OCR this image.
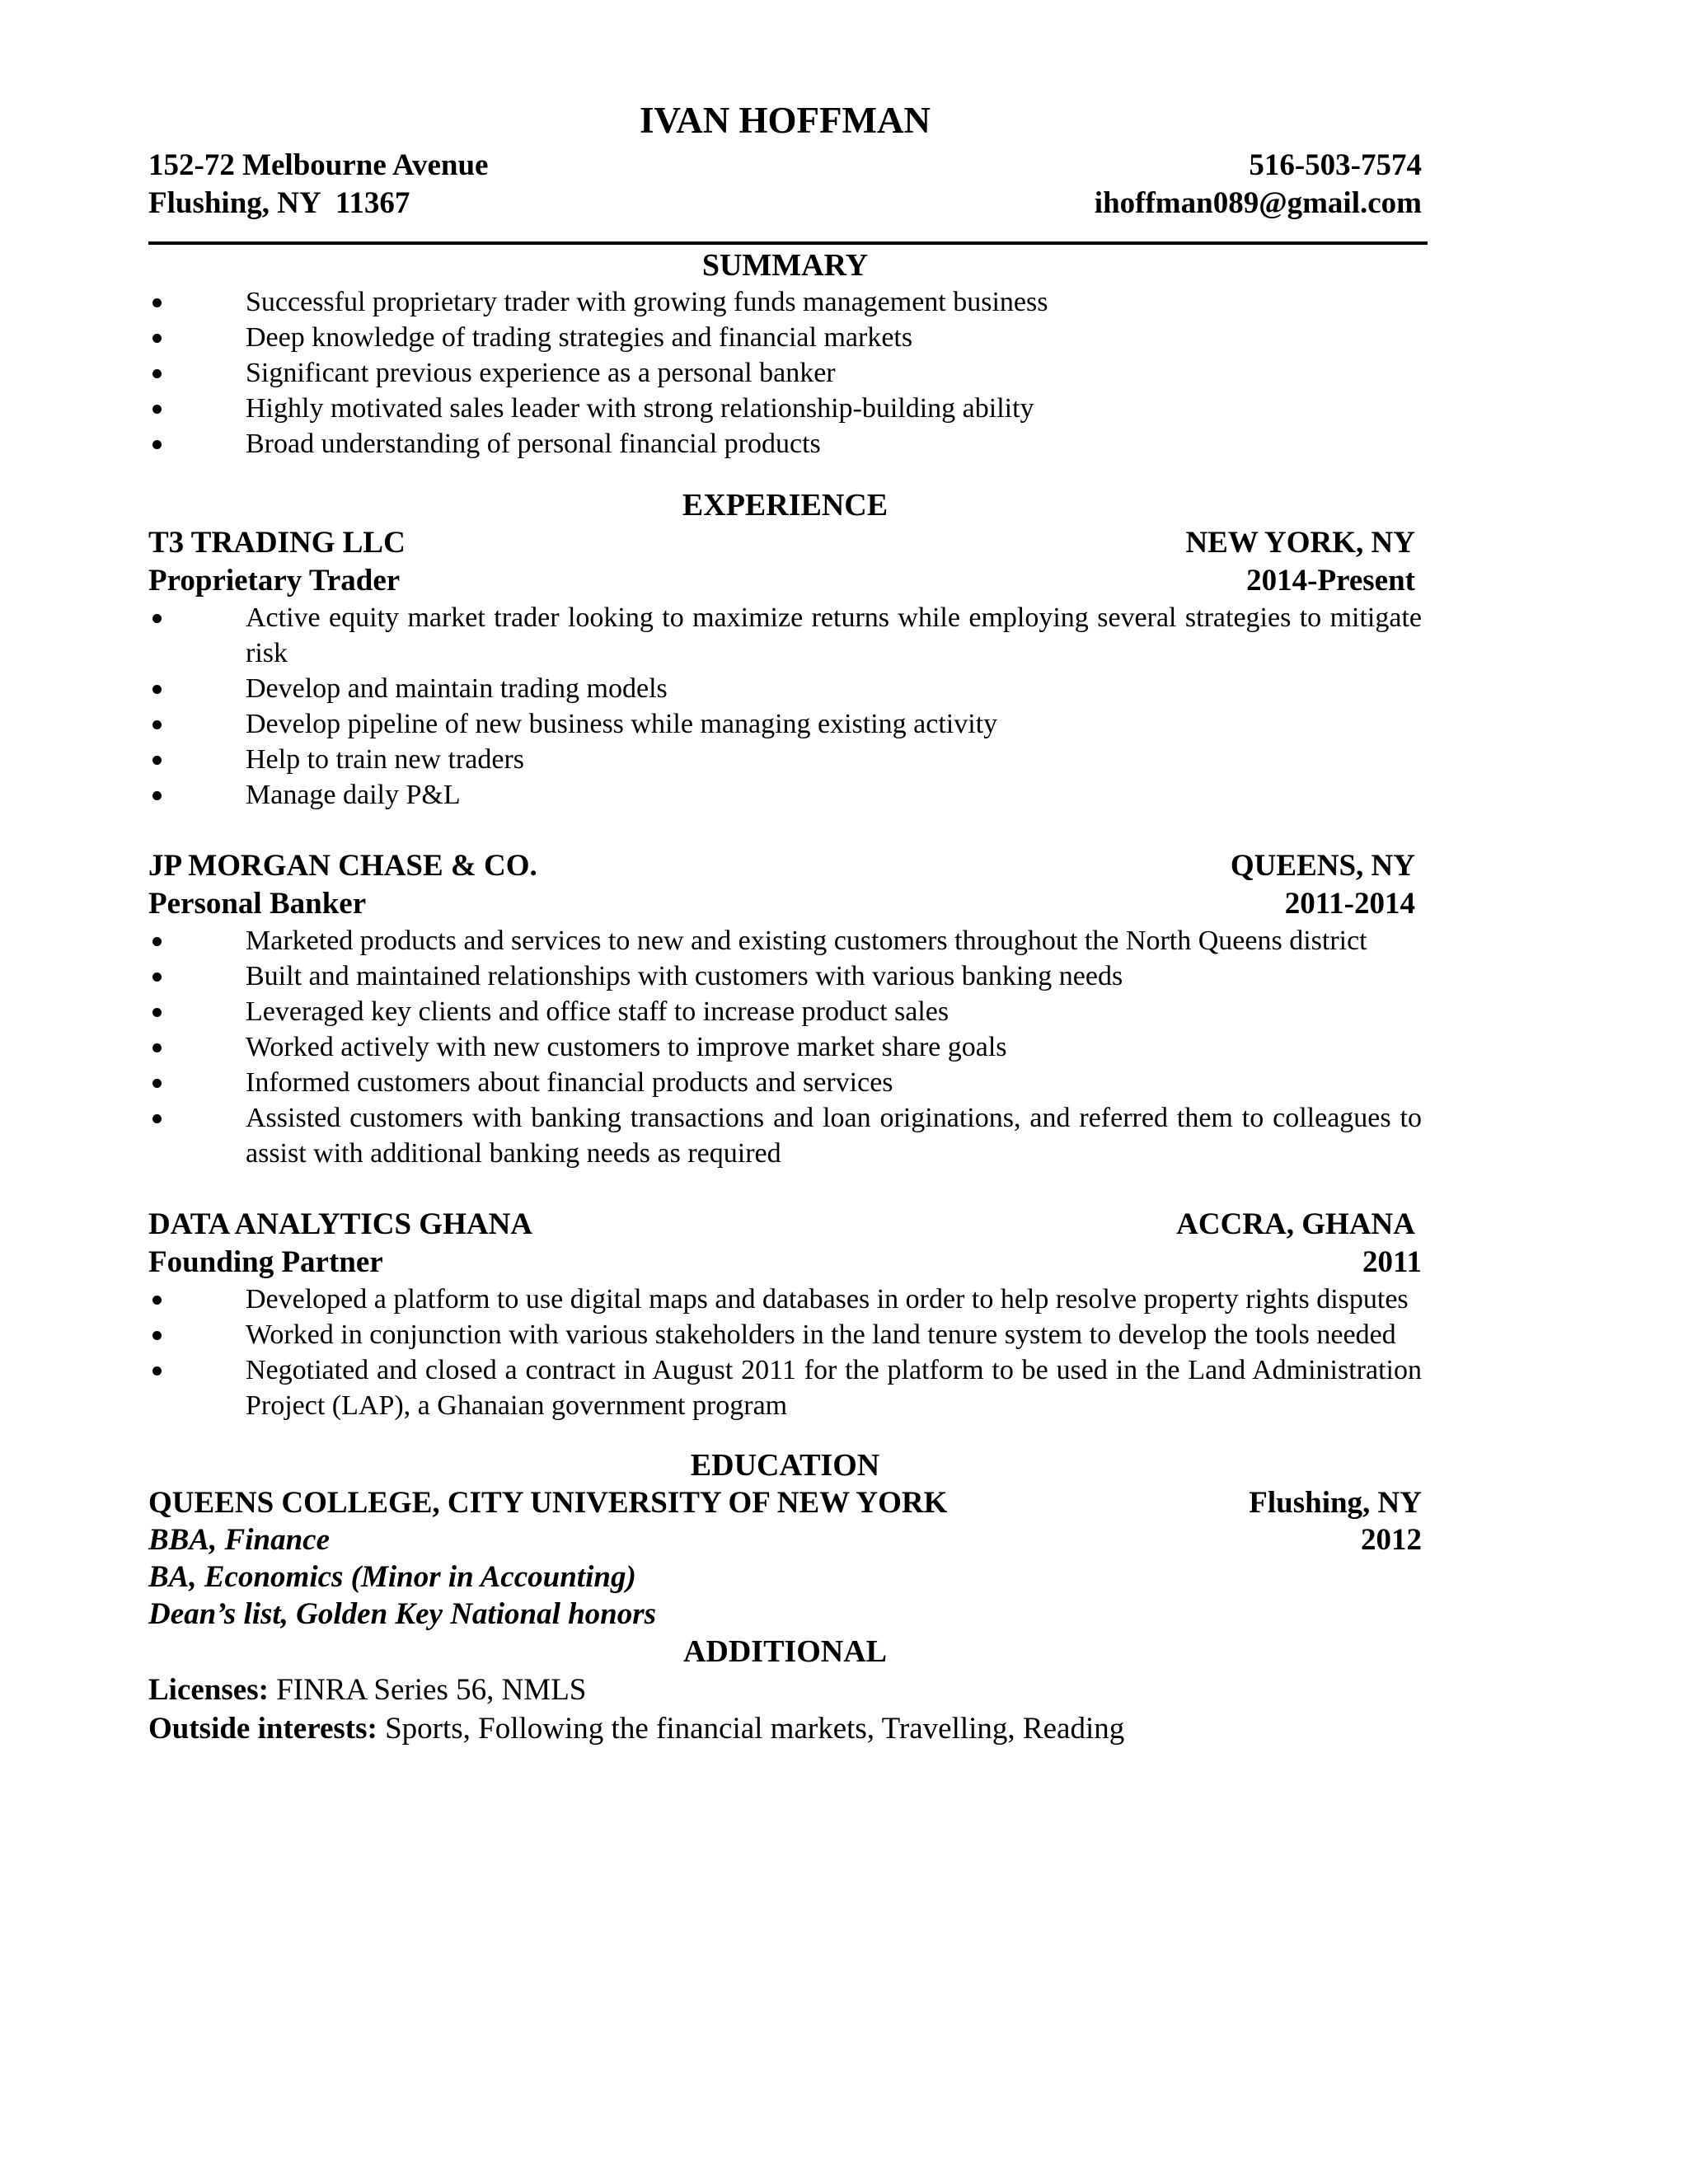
IVAN HOFFMAN
152-72 Melbourne Avenue	516-503-7574
Flushing, NY  11367	ihoffman089@gmail.com
SUMMARY
Successful proprietary trader with growing funds management business
Deep knowledge of trading strategies and financial markets
Significant previous experience as a personal banker
Highly motivated sales leader with strong relationship-building ability
Broad understanding of personal financial products
EXPERIENCE
T3 TRADING LLC	NEW YORK, NY
Proprietary Trader	2014-Present
Active equity market trader looking to maximize returns while employing several strategies to mitigate risk
Develop and maintain trading models
Develop pipeline of new business while managing existing activity
Help to train new traders
Manage daily P&L
JP MORGAN CHASE & CO.	QUEENS, NY
Personal Banker	2011-2014
Marketed products and services to new and existing customers throughout the North Queens district
Built and maintained relationships with customers with various banking needs
Leveraged key clients and office staff to increase product sales
Worked actively with new customers to improve market share goals
Informed customers about financial products and services
Assisted customers with banking transactions and loan originations, and referred them to colleagues to assist with additional banking needs as required
DATA ANALYTICS GHANA	ACCRA, GHANA
Founding Partner	2011
Developed a platform to use digital maps and databases in order to help resolve property rights disputes
Worked in conjunction with various stakeholders in the land tenure system to develop the tools needed
Negotiated and closed a contract in August 2011 for the platform to be used in the Land Administration Project (LAP), a Ghanaian government program
EDUCATION
QUEENS COLLEGE, CITY UNIVERSITY OF NEW YORK	Flushing, NY
BBA, Finance	2012
BA, Economics (Minor in Accounting)
Dean’s list, Golden Key National honors
ADDITIONAL
Licenses: FINRA Series 56, NMLS
Outside interests: Sports, Following the financial markets, Travelling, Reading
